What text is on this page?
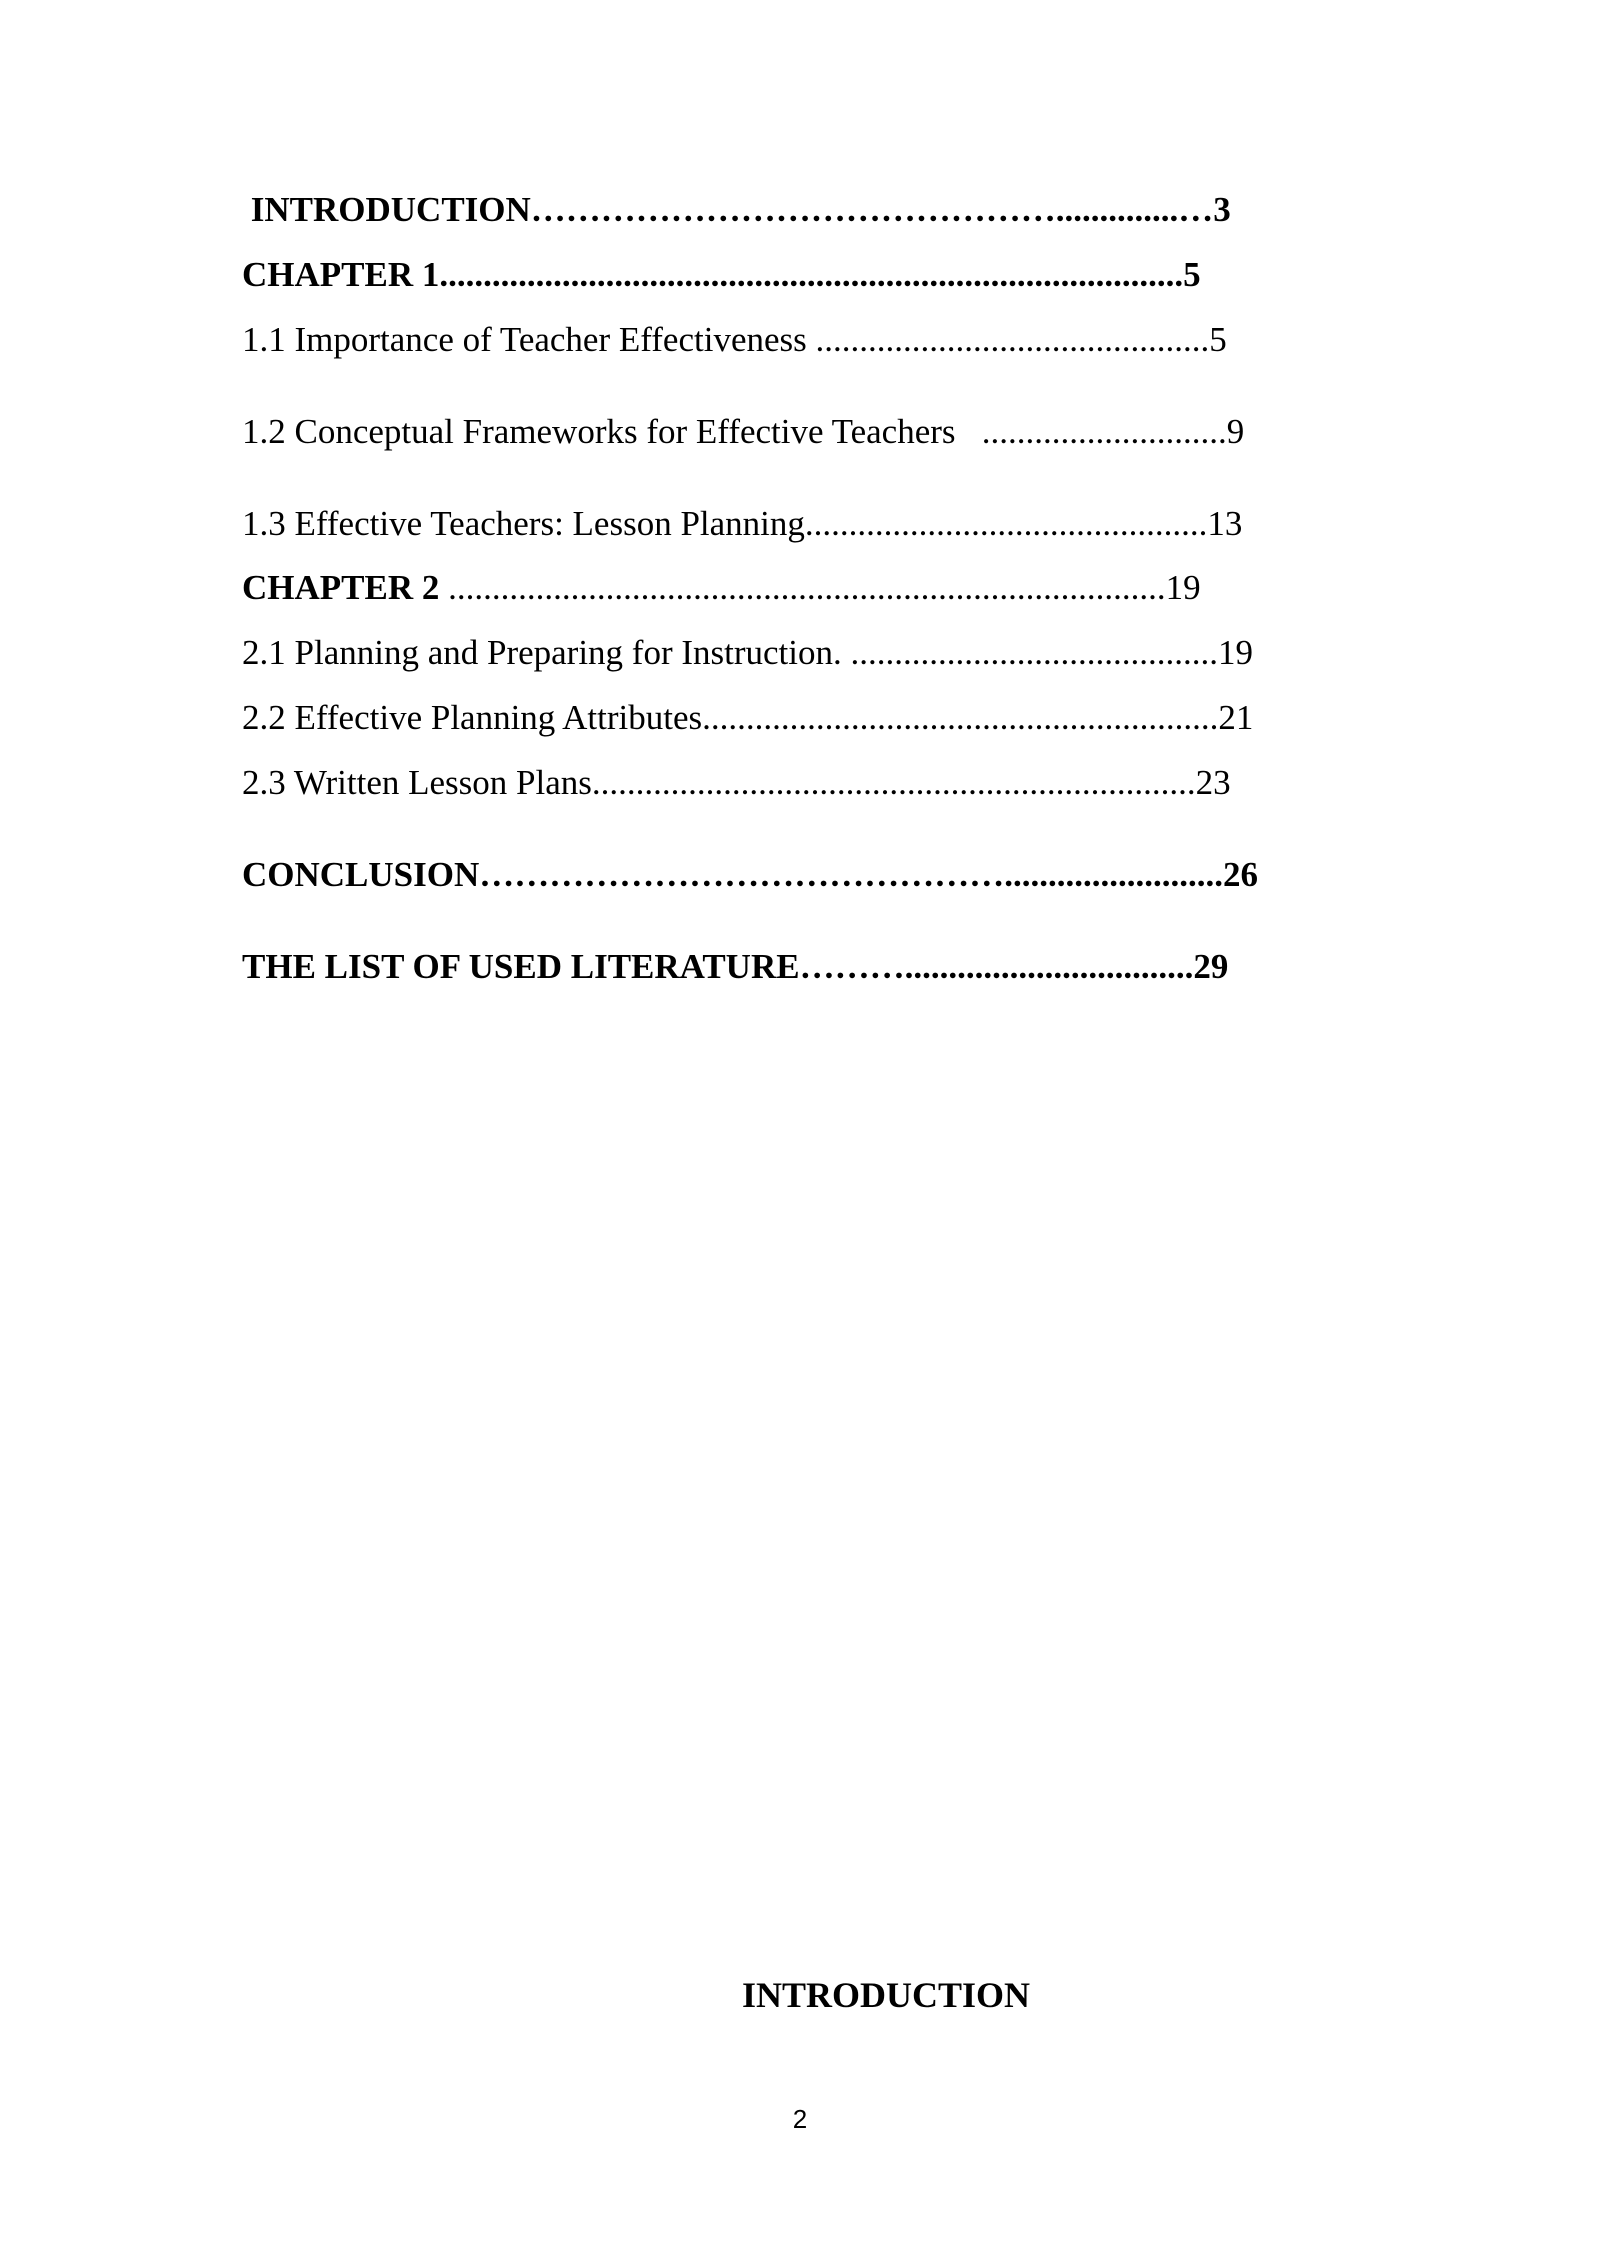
INTRODUCTION………………………………………..............…3
CHAPTER 1.....................................................................................5
1.1 Importance of Teacher Effectiveness .............................................5
1.2 Conceptual Frameworks for Effective Teachers   ............................9
1.3 Effective Teachers: Lesson Planning..............................................13
CHAPTER 2 ..................................................................................19
2.1 Planning and Preparing for Instruction. ..........................................19
2.2 Effective Planning Attributes...........................................................21
2.3 Written Lesson Plans.....................................................................23
CONCLUSION……………………………………….........................26
THE LIST OF USED LITERATURE……….................................29
INTRODUCTION
2
